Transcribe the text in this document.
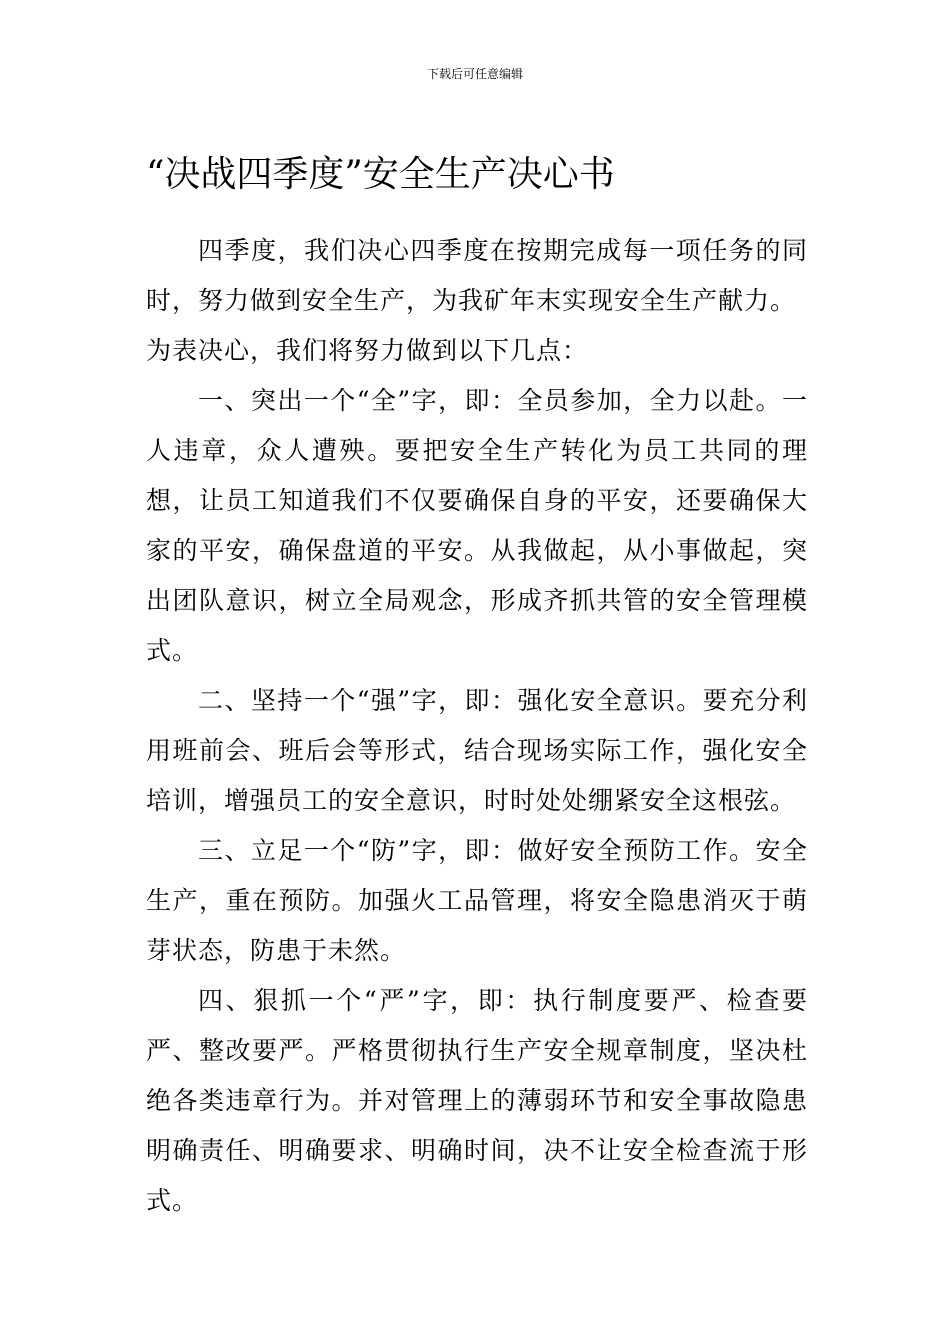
下载后可任意编辑
“决战四季度”安全生产决心书

四季度，我们决心四季度在按期完成每一项任务的同时，努力做到安全生产，为我矿年末实现安全生产献力。

为表决心，我们将努力做到以下几点：

一、突出一个“全”字，即：全员参加，全力以赴。一人违章，众人遭殃。要把安全生产转化为员工共同的理想，让员工知道我们不仅要确保自身的平安，还要确保大家的平安，确保盘道的平安。从我做起，从小事做起，突出团队意识，树立全局观念，形成齐抓共管的安全管理模式。

二、坚持一个“强”字，即：强化安全意识。要充分利用班前会、班后会等形式，结合现场实际工作，强化安全培训，增强员工的安全意识，时时处处绷紧安全这根弦。

三、立足一个“防”字，即：做好安全预防工作。安全生产，重在预防。加强火工品管理，将安全隐患消灭于萌芽状态，防患于未然。

四、狠抓一个“严”字，即：执行制度要严、检查要严、整改要严。严格贯彻执行生产安全规章制度，坚决杜绝各类违章行为。并对管理上的薄弱环节和安全事故隐患明确责任、明确要求、明确时间，决不让安全检查流于形式。
